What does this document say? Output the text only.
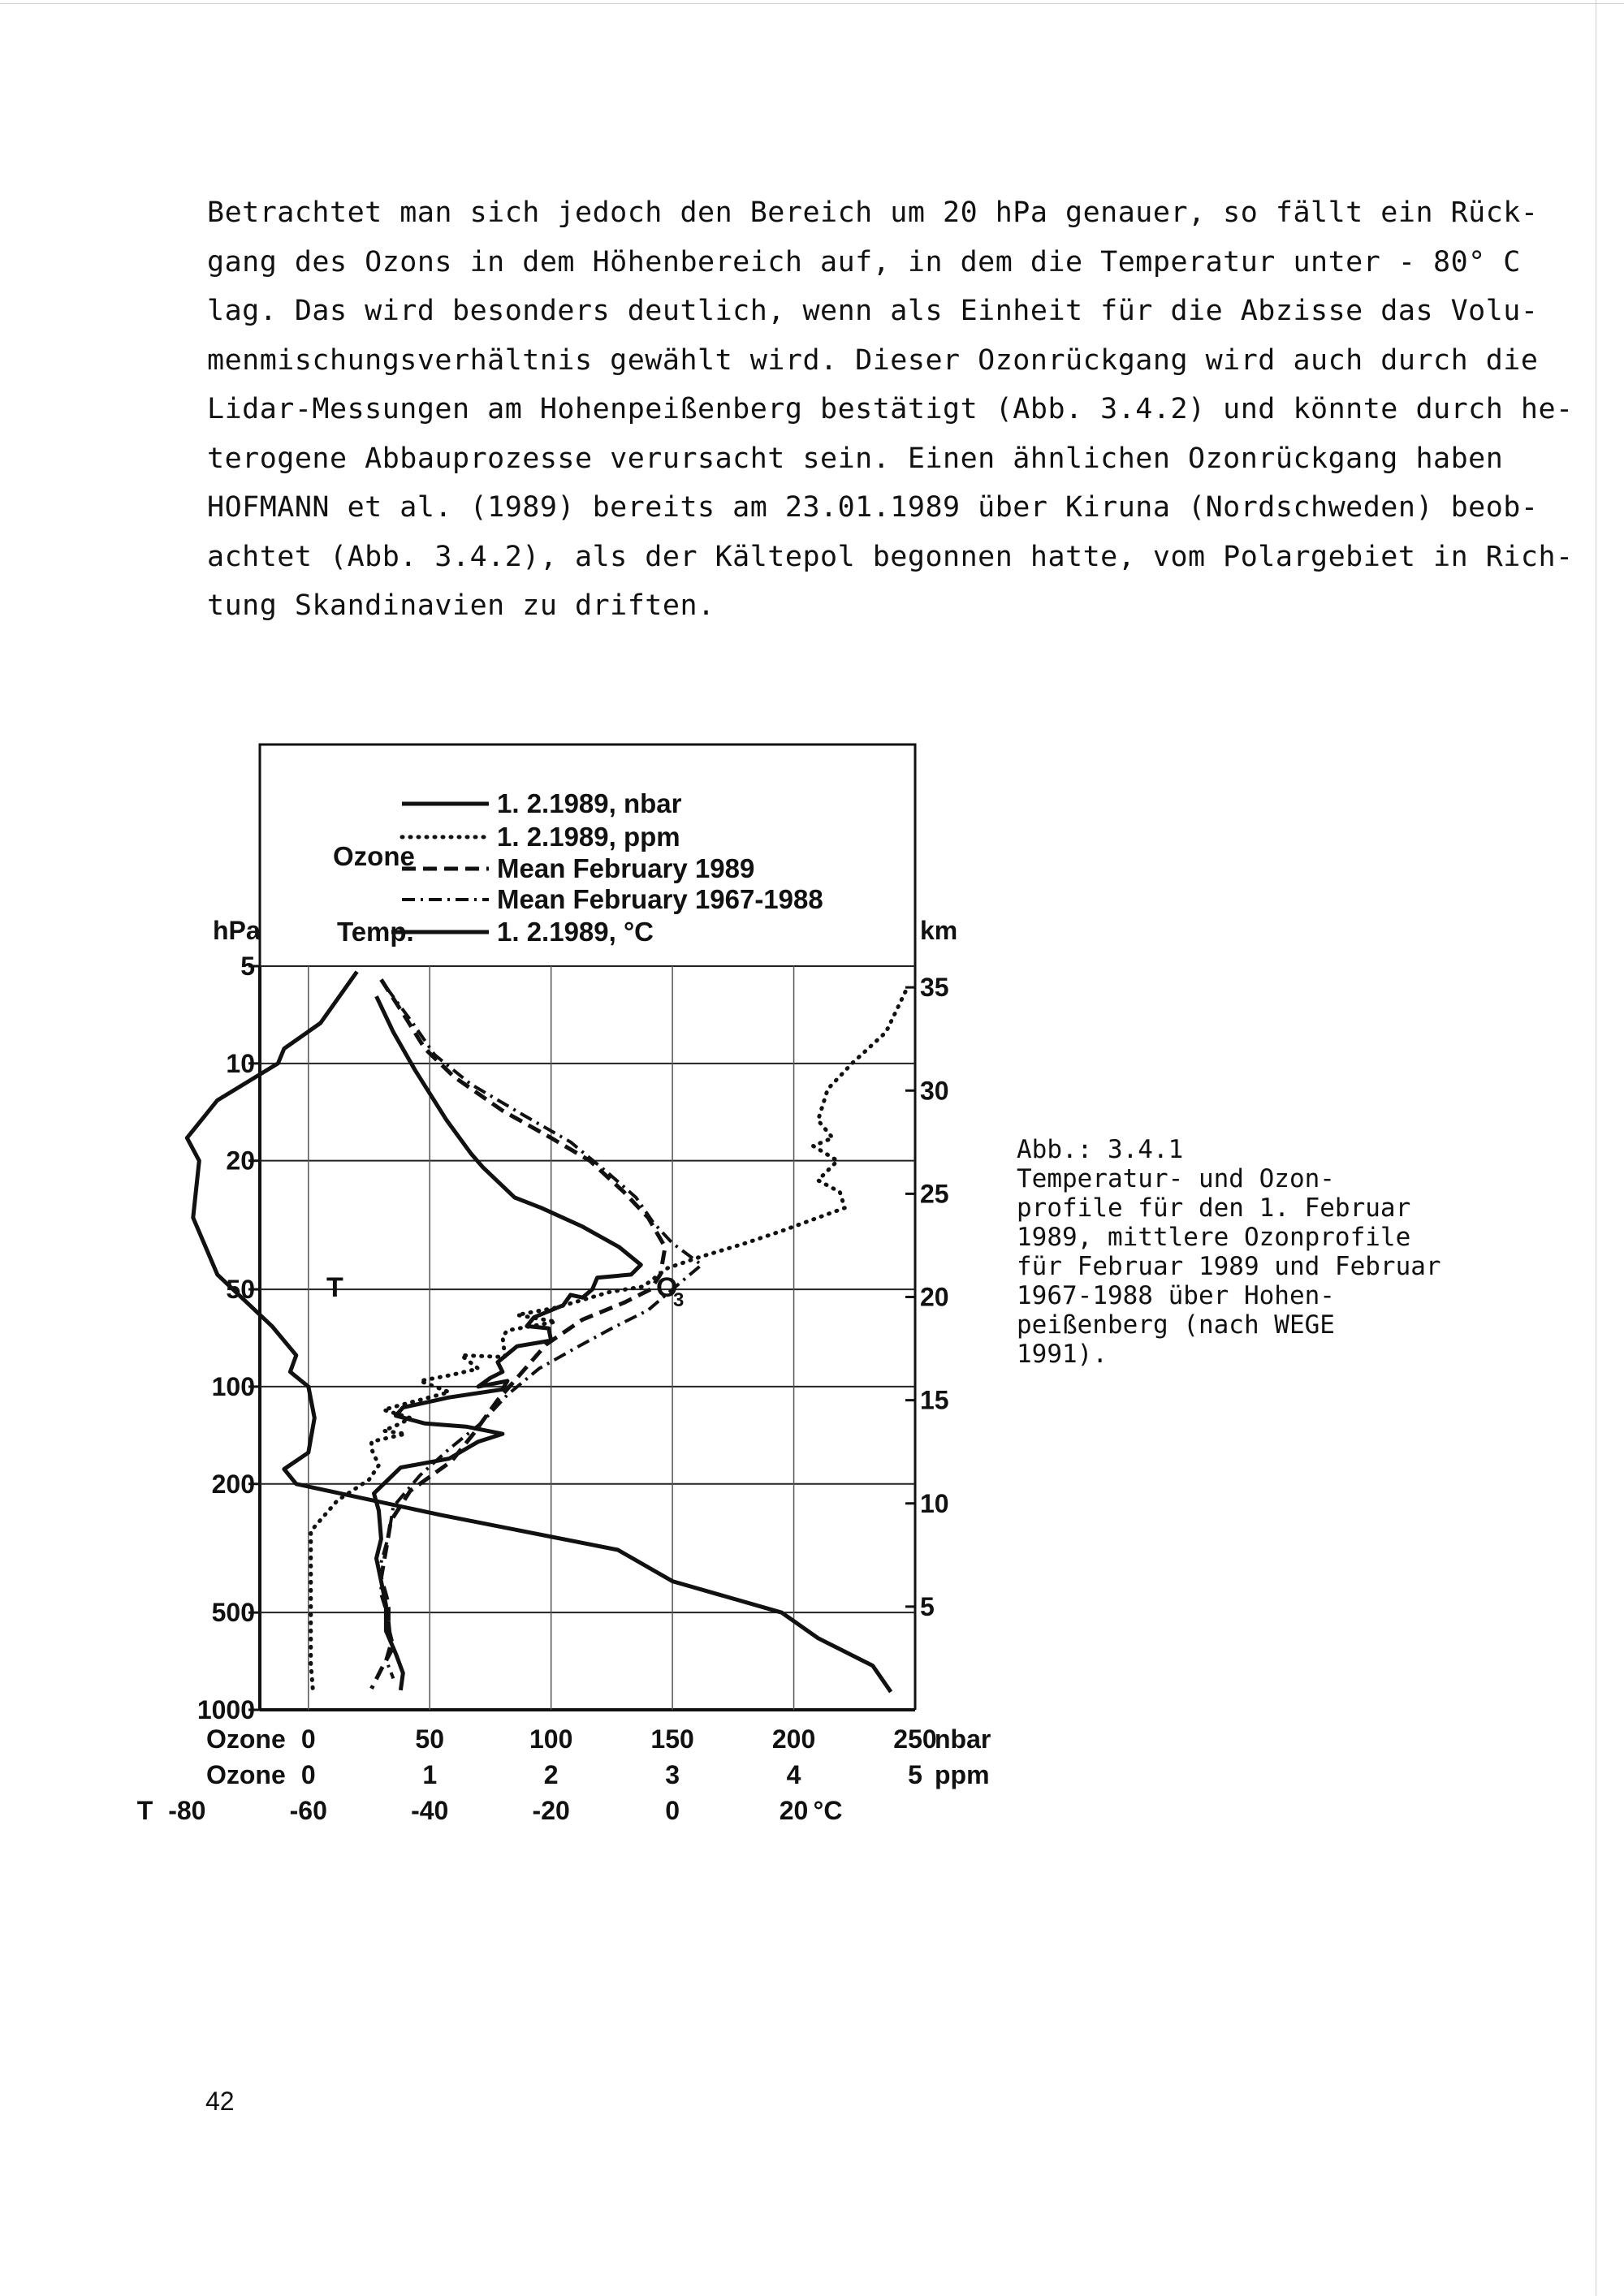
Betrachtet man sich jedoch den Bereich um 20 hPa genauer, so fällt ein Rück-
gang des Ozons in dem Höhenbereich auf, in dem die Temperatur unter - 80° C
lag. Das wird besonders deutlich, wenn als Einheit für die Abzisse das Volu-
menmischungsverhältnis gewählt wird. Dieser Ozonrückgang wird auch durch die
Lidar-Messungen am Hohenpeißenberg bestätigt (Abb. 3.4.2) und könnte durch he-
terogene Abbauprozesse verursacht sein. Einen ähnlichen Ozonrückgang haben
HOFMANN et al. (1989) bereits am 23.01.1989 über Kiruna (Nordschweden) beob-
achtet (Abb. 3.4.2), als der Kältepol begonnen hatte, vom Polargebiet in Rich-
tung Skandinavien zu driften.
5
10
20
50
100
200
500
1000
35
30
25
20
15
10
5
0	50	100	150	200	250
0	1	2	3	4	5
-80	-60	-40	-20	0	20
Ozone
Ozone
T
nbar
ppm
°C
1. 2.1989, nbar
1. 2.1989, ppm
Mean February 1989
Mean February 1967-1988
1. 2.1989, °C
Ozone
Temp.
hPa	km
T	O
3
Abb.: 3.4.1
Temperatur- und Ozon-
profile für den 1. Februar
1989, mittlere Ozonprofile
für Februar 1989 und Februar
1967-1988 über Hohen-
peißenberg (nach WEGE
1991).
42
